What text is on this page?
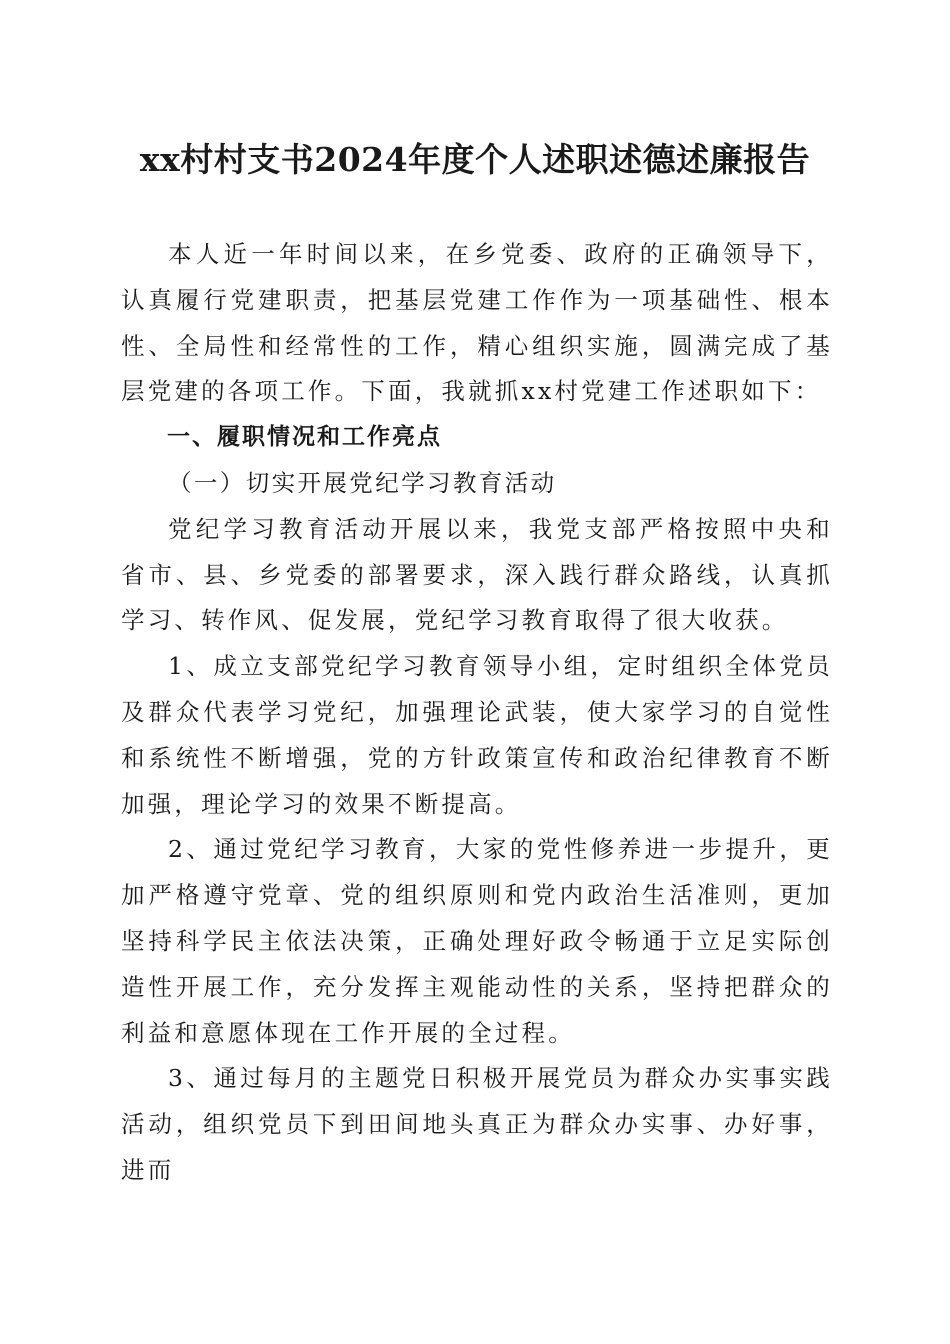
xx村村支书2024年度个人述职述德述廉报告

本人近一年时间以来，在乡党委、政府的正确领导下，认真履行党建职责，把基层党建工作作为一项基础性、根本性、全局性和经常性的工作，精心组织实施，圆满完成了基层党建的各项工作。下面，我就抓xx村党建工作述职如下：

一、履职情况和工作亮点

（一）切实开展党纪学习教育活动

党纪学习教育活动开展以来，我党支部严格按照中央和省市、县、乡党委的部署要求，深入践行群众路线，认真抓学习、转作风、促发展，党纪学习教育取得了很大收获。

1、成立支部党纪学习教育领导小组，定时组织全体党员及群众代表学习党纪，加强理论武装，使大家学习的自觉性和系统性不断增强，党的方针政策宣传和政治纪律教育不断加强，理论学习的效果不断提高。

2、通过党纪学习教育，大家的党性修养进一步提升，更加严格遵守党章、党的组织原则和党内政治生活准则，更加坚持科学民主依法决策，正确处理好政令畅通于立足实际创造性开展工作，充分发挥主观能动性的关系，坚持把群众的利益和意愿体现在工作开展的全过程。

3、通过每月的主题党日积极开展党员为群众办实事实践活动，组织党员下到田间地头真正为群众办实事、办好事，进而
